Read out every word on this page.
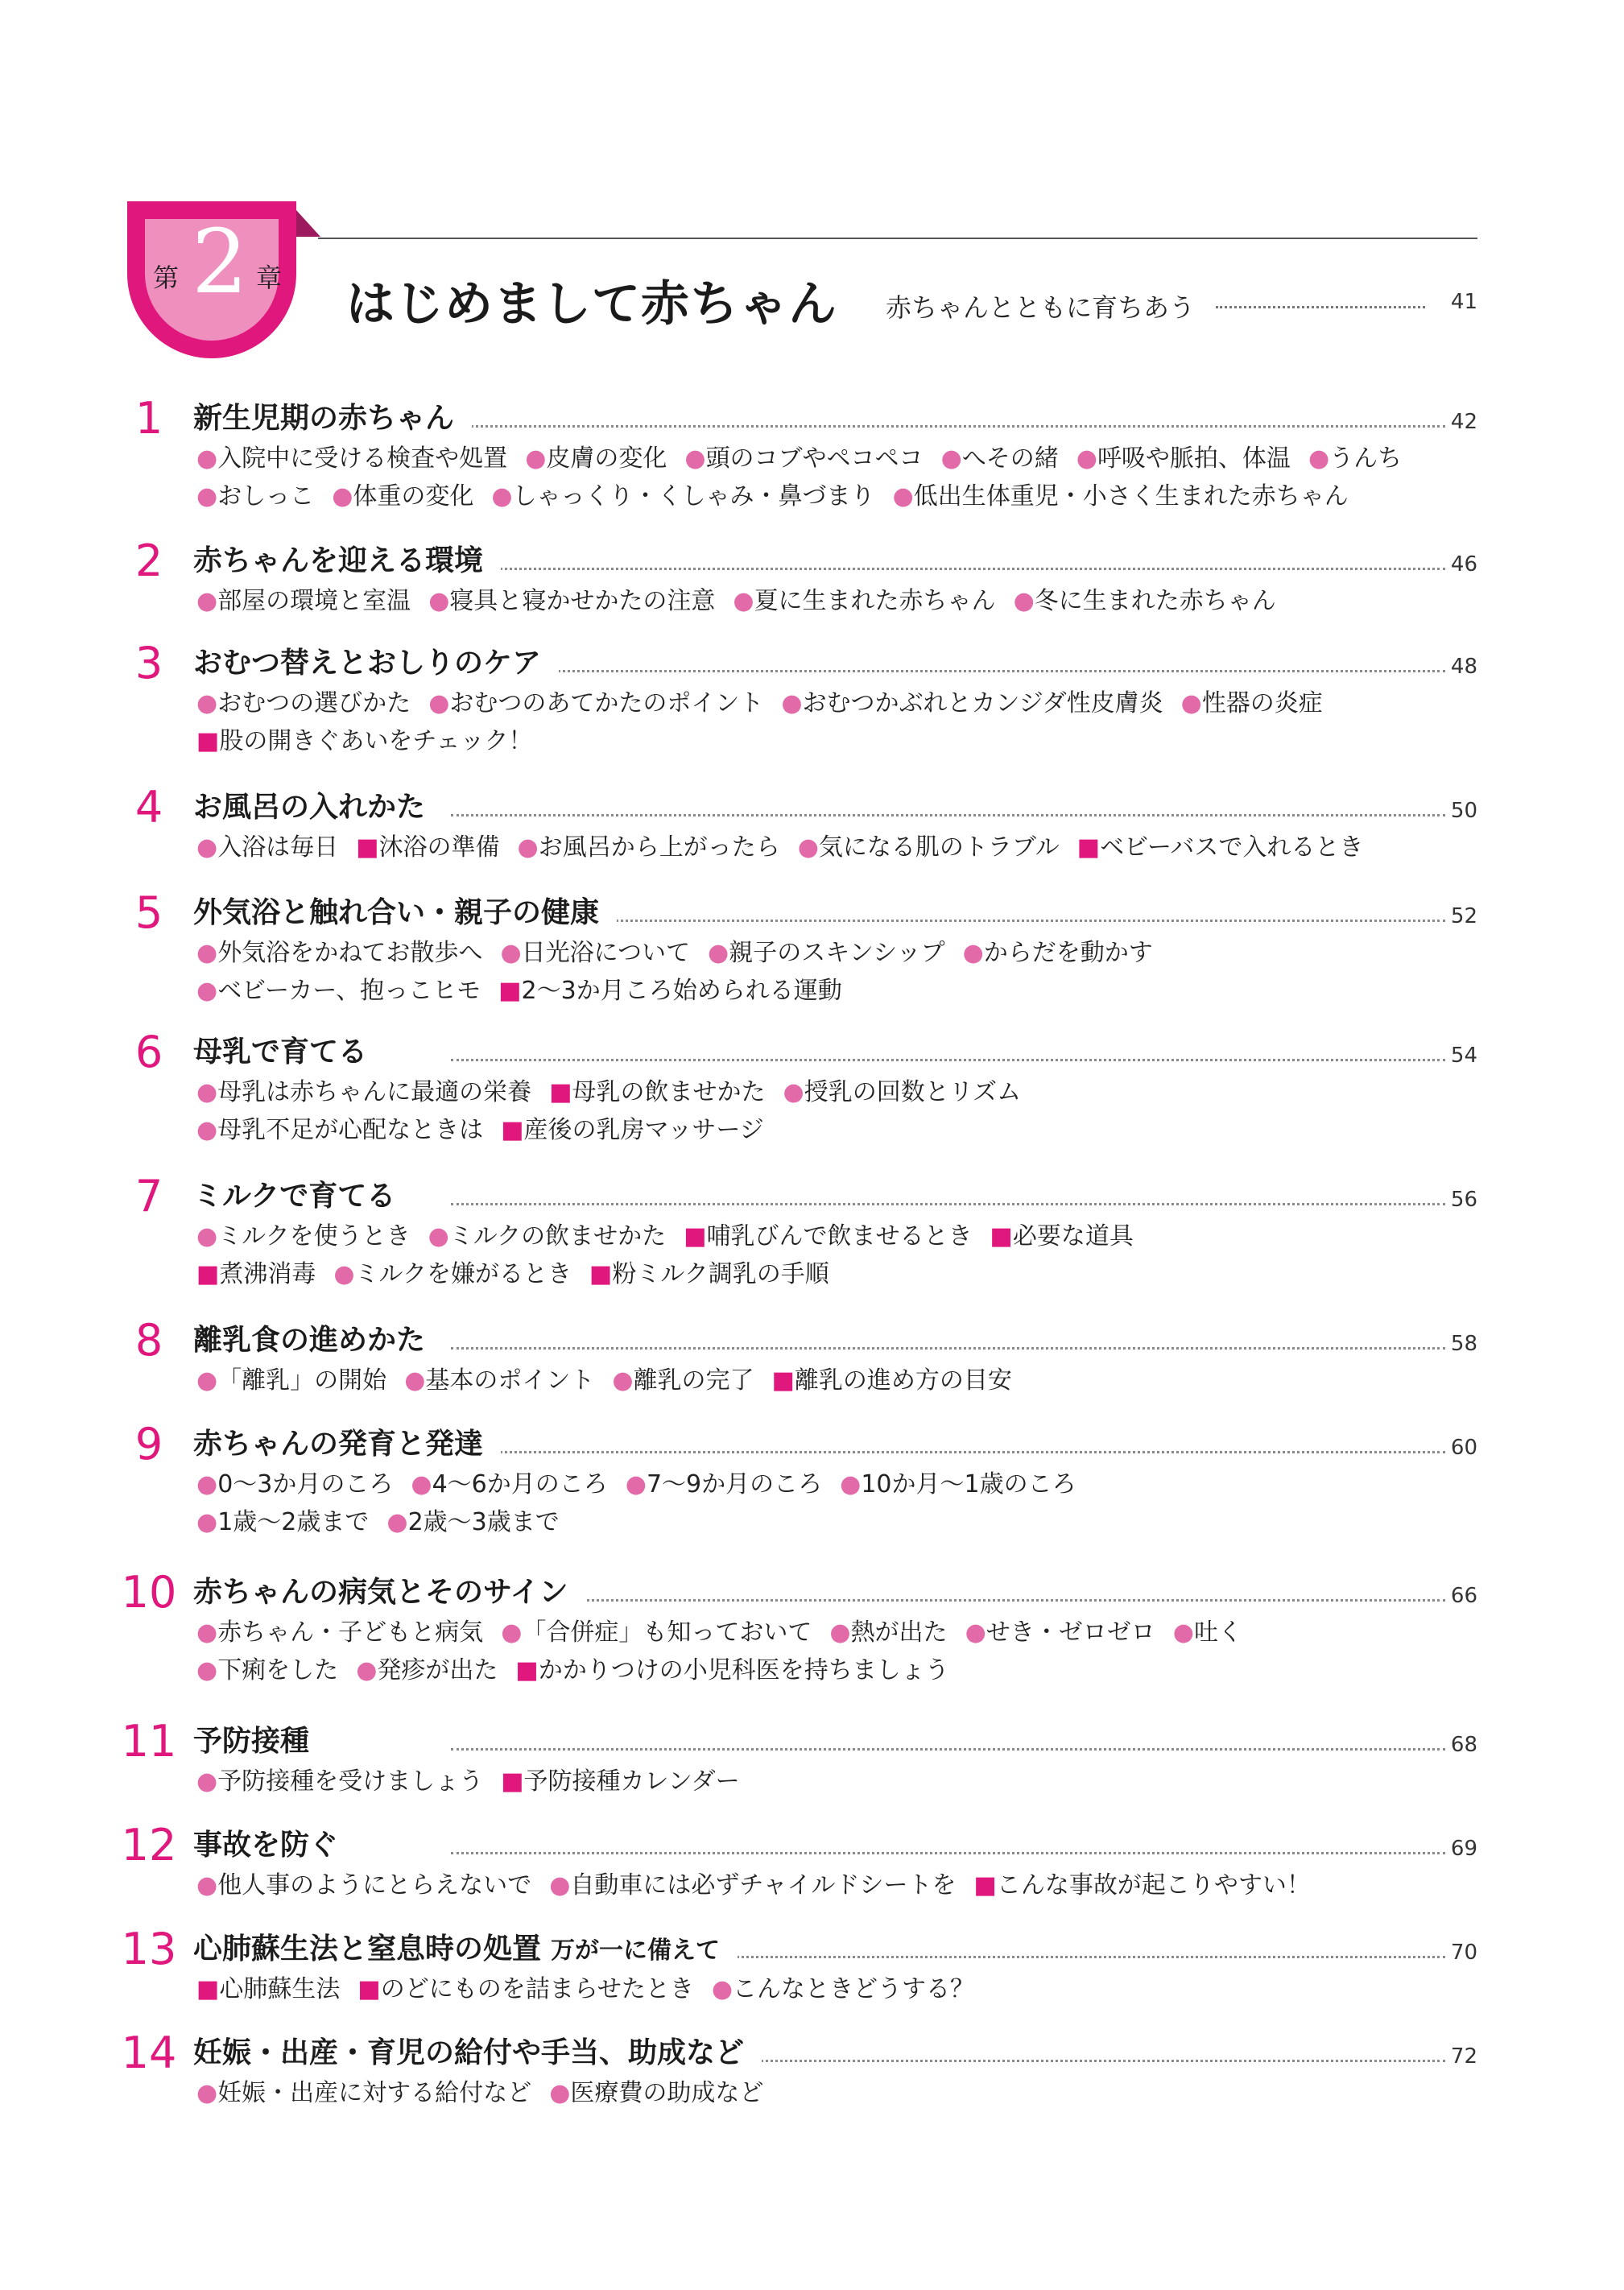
第 2 章 はじめまして赤ちゃん 赤ちゃんとともに育ちあう	41
1	新生児期の赤ちゃん	42
●入院中に受ける検査や処置 ●皮膚の変化 ●頭のコブやペコペコ ●へその緒 ●呼吸や脈拍、体温 ●うんち
●おしっこ ●体重の変化 ●しゃっくり・くしゃみ・鼻づまり ●低出生体重児・小さく生まれた赤ちゃん
2	赤ちゃんを迎える環境	46
●部屋の環境と室温 ●寝具と寝かせかたの注意 ●夏に生まれた赤ちゃん ●冬に生まれた赤ちゃん
3	おむつ替えとおしりのケア	48
●おむつの選びかた ●おむつのあてかたのポイント ●おむつかぶれとカンジダ性皮膚炎 ●性器の炎症
■股の開きぐあいをチェック！
4	お風呂の入れかた	50
●入浴は毎日 ■沐浴の準備 ●お風呂から上がったら ●気になる肌のトラブル ■ベビーバスで入れるとき
5	外気浴と触れ合い・親子の健康	52
●外気浴をかねてお散歩へ ●日光浴について ●親子のスキンシップ ●からだを動かす
●ベビーカー、抱っこヒモ ■2～3か月ころ始められる運動
6	母乳で育てる	54
●母乳は赤ちゃんに最適の栄養 ■母乳の飲ませかた ●授乳の回数とリズム
●母乳不足が心配なときは ■産後の乳房マッサージ
7	ミルクで育てる	56
●ミルクを使うとき ●ミルクの飲ませかた ■哺乳びんで飲ませるとき ■必要な道具
■煮沸消毒 ●ミルクを嫌がるとき ■粉ミルク調乳の手順
8	離乳食の進めかた	58
●「離乳」の開始 ●基本のポイント ●離乳の完了 ■離乳の進め方の目安
9	赤ちゃんの発育と発達	60
●0～3か月のころ ●4～6か月のころ ●7～9か月のころ ●10か月～1歳のころ
●1歳～2歳まで ●2歳～3歳まで
10 赤ちゃんの病気とそのサイン	66
●赤ちゃん・子どもと病気 ●「合併症」も知っておいて ●熱が出た ●せき・ゼロゼロ ●吐く
●下痢をした ●発疹が出た ■かかりつけの小児科医を持ちましょう
11 予防接種	68
●予防接種を受けましょう ■予防接種カレンダー
12 事故を防ぐ	69
●他人事のようにとらえないで ●自動車には必ずチャイルドシートを ■こんな事故が起こりやすい！
13 心肺蘇生法と窒息時の処置 万が一に備えて	70
■心肺蘇生法 ■のどにものを詰まらせたとき ●こんなときどうする？
14 妊娠・出産・育児の給付や手当、助成など	72
●妊娠・出産に対する給付など ●医療費の助成など
